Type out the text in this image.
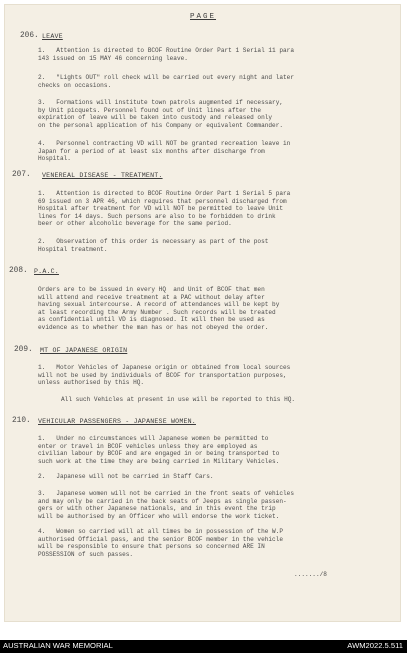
PAGE
206. LEAVE
1.   Attention is directed to BCOF Routine Order Part 1 Serial 11 para
143 issued on 15 MAY 46 concerning leave.
2.   "Lights OUT" roll check will be carried out every night and later
checks on occasions.
3.   Formations will institute town patrols augmented if necessary,
by Unit picquets. Personnel found out of Unit lines after the
expiration of leave will be taken into custody and released only
on the personal application of his Company or equivalent Commander.
4.   Personnel contracting VD will NOT be granted recreation leave in
Japan for a period of at least six months after discharge from
Hospital.
207. VENEREAL DISEASE - TREATMENT.
1.   Attention is directed to BCOF Routine Order Part 1 Serial 5 para
69 issued on 3 APR 46, which requires that personnel discharged from
Hospital after treatment for VD will NOT be permitted to leave Unit
lines for 14 days. Such persons are also to be forbidden to drink
beer or other alcoholic beverage for the same period.
2.   Observation of this order is necessary as part of the post
Hospital treatment.
208. P.A.C.
Orders are to be issued in every HQ  and Unit of BCOF that men
will attend and receive treatment at a PAC without delay after
having sexual intercourse. A record of attendances will be kept by
at least recording the Army Number . Such records will be treated
as confidential until VD is diagnosed. It will then be used as
evidence as to whether the man has or has not obeyed the order.
209. MT OF JAPANESE ORIGIN
1.   Motor Vehicles of Japanese origin or obtained from local sources
will not be used by individuals of BCOF for transportation purposes,
unless authorised by this HQ.
All such Vehicles at present in use will be reported to this HQ.
210. VEHICULAR PASSENGERS - JAPANESE WOMEN.
1.   Under no circumstances will Japanese women be permitted to
enter or travel in BCOF vehicles unless they are employed as
civilian labour by BCOF and are engaged in or being transported to
such work at the time they are being carried in Military Vehicles.
2.   Japanese will not be carried in Staff Cars.
3.   Japanese women will not be carried in the front seats of vehicles
and may only be carried in the back seats of Jeeps as single passen-
gers or with other Japanese nationals, and in this event the trip
will be authorised by an Officer who will endorse the work ticket.
4.   Women so carried will at all times be in possession of the W.P
authorised Official pass, and the senior BCOF member in the vehicle
will be responsible to ensure that persons so concerned ARE IN
POSSESSION of such passes.
......./8
AUSTRALIAN WAR MEMORIAL	AWM2022.5.511
